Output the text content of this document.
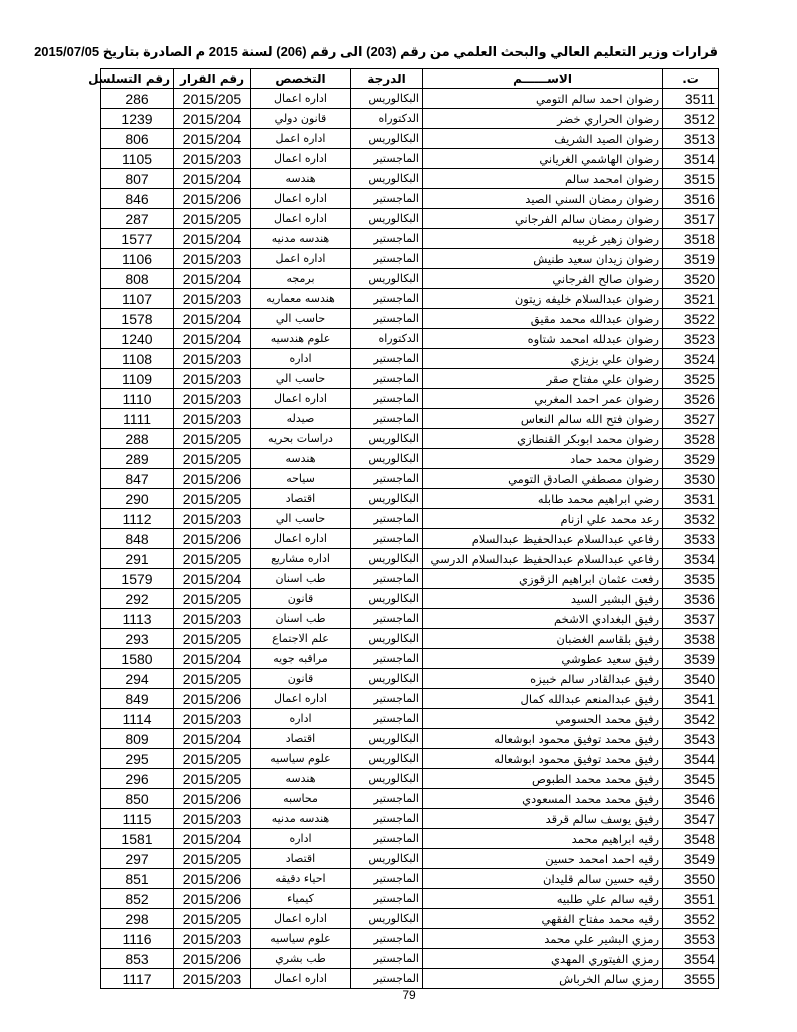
قرارات وزير التعليم العالي والبحث العلمي من رقم (203) الى رقم (206) لسنة 2015 م الصادرة بتاريخ 2015/07/05
ت.	الاســــــم	الدرجة	التخصص	رقم القرار	رقم التسلسل
3511	رضوان احمد سالم التومي	البكالوريس	اداره اعمال	2015/205	286
3512	رضوان الحراري خضر	الدكتوراه	قانون دولي	2015/204	1239
3513	رضوان الصيد الشريف	البكالوريس	اداره اعمل	2015/204	806
3514	رضوان الهاشمي الغرياني	الماجستير	اداره اعمال	2015/203	1105
3515	رضوان امحمد سالم	البكالوريس	هندسه	2015/204	807
3516	رضوان رمضان السني الصيد	الماجستير	اداره اعمال	2015/206	846
3517	رضوان رمضان سالم الفرجاني	البكالوريس	اداره اعمال	2015/205	287
3518	رضوان زهير غربيه	الماجستير	هندسه مدنيه	2015/204	1577
3519	رضوان زيدان سعيد طنيش	الماجستير	اداره اعمل	2015/203	1106
3520	رضوان صالح الفرجاني	البكالوريس	برمجه	2015/204	808
3521	رضوان عبدالسلام خليفه زيتون	الماجستير	هندسه معماريه	2015/203	1107
3522	رضوان عبدالله محمد مقيق	الماجستير	حاسب الي	2015/204	1578
3523	رضوان عبدلله امحمد شتاوه	الدكتوراه	علوم هندسيه	2015/204	1240
3524	رضوان علي بزيزي	الماجستير	اداره	2015/203	1108
3525	رضوان علي مفتاح صقر	الماجستير	حاسب الي	2015/203	1109
3526	رضوان عمر احمد المغربي	الماجستير	اداره اعمال	2015/203	1110
3527	رضوان فتح الله سالم النعاس	الماجستير	صيدله	2015/203	1111
3528	رضوان محمد ابوبكر القنطازي	البكالوريس	دراسات بحريه	2015/205	288
3529	رضوان محمد حماد	البكالوريس	هندسه	2015/205	289
3530	رضوان مصطفي الصادق التومي	الماجستير	سياحه	2015/206	847
3531	رضي ابراهيم محمد طابله	البكالوريس	اقتصاد	2015/205	290
3532	رعد محمد علي ازنام	الماجستير	حاسب الي	2015/203	1112
3533	رفاعي عبدالسلام عبدالحفيظ عبدالسلام	الماجستير	اداره اعمال	2015/206	848
3534	رفاعي عبدالسلام عبدالحفيظ عبدالسلام الدرسي	البكالوريس	اداره مشاريع	2015/205	291
3535	رفعت عثمان ابراهيم الزقوزي	الماجستير	طب اسنان	2015/204	1579
3536	رفيق البشير السيد	البكالوريس	قانون	2015/205	292
3537	رفيق البغدادي الاشخم	الماجستير	طب اسنان	2015/203	1113
3538	رفيق بلقاسم الغضبان	البكالوريس	علم الاجتماع	2015/205	293
3539	رفيق سعيد عطوشي	الماجستير	مراقبه جويه	2015/204	1580
3540	رفيق عبدالقادر سالم خبيزه	البكالوريس	قانون	2015/205	294
3541	رفيق عبدالمنعم عبدالله كمال	الماجستير	اداره اعمال	2015/206	849
3542	رفيق محمد الحسومي	الماجستير	اداره	2015/203	1114
3543	رفيق محمد توفيق محمود ابوشعاله	البكالوريس	اقتصاد	2015/204	809
3544	رفيق محمد توفيق محمود ابوشعاله	البكالوريس	علوم سياسيه	2015/205	295
3545	رفيق محمد محمد الطبوص	البكالوريس	هندسه	2015/205	296
3546	رفيق محمد محمد المسعودي	الماجستير	محاسبه	2015/206	850
3547	رفيق يوسف سالم قرقد	الماجستير	هندسه مدنيه	2015/203	1115
3548	رقيه ابراهيم محمد	الماجستير	اداره	2015/204	1581
3549	رقيه احمد امحمد حسين	البكالوريس	اقتصاد	2015/205	297
3550	رقيه حسين سالم قليدان	الماجستير	احياء دقيقه	2015/206	851
3551	رقيه سالم علي طلبيه	الماجستير	كيمياء	2015/206	852
3552	رقيه محمد مفتاح الفقهي	البكالوريس	اداره اعمال	2015/205	298
3553	رمزي البشير علي محمد	الماجستير	علوم سياسيه	2015/203	1116
3554	رمزي الفيتوري المهدي	الماجستير	طب بشري	2015/206	853
3555	رمزي سالم الخرباش	الماجستير	اداره اعمال	2015/203	1117
79
